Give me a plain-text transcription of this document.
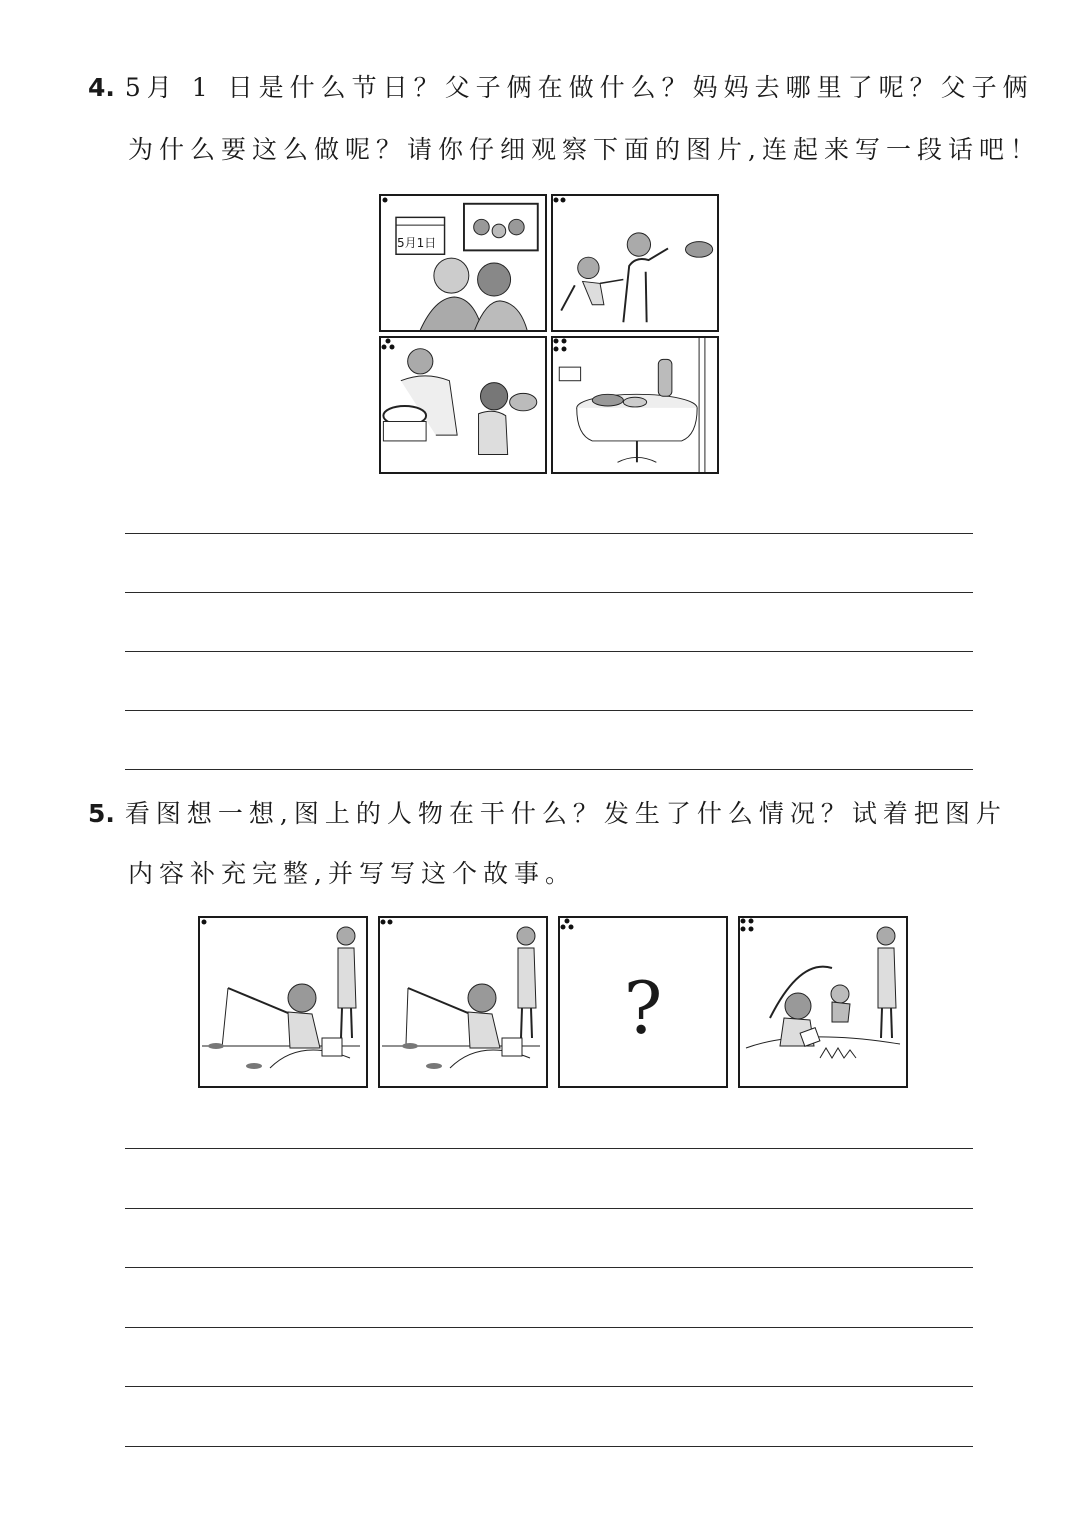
4. 5月 1 日是什么节日？父子俩在做什么？妈妈去哪里了呢？父子俩
为什么要这么做呢？请你仔细观察下面的图片,连起来写一段话吧！
5月1日
5. 看图想一想,图上的人物在干什么？发生了什么情况？试着把图片
内容补充完整,并写写这个故事。
?
